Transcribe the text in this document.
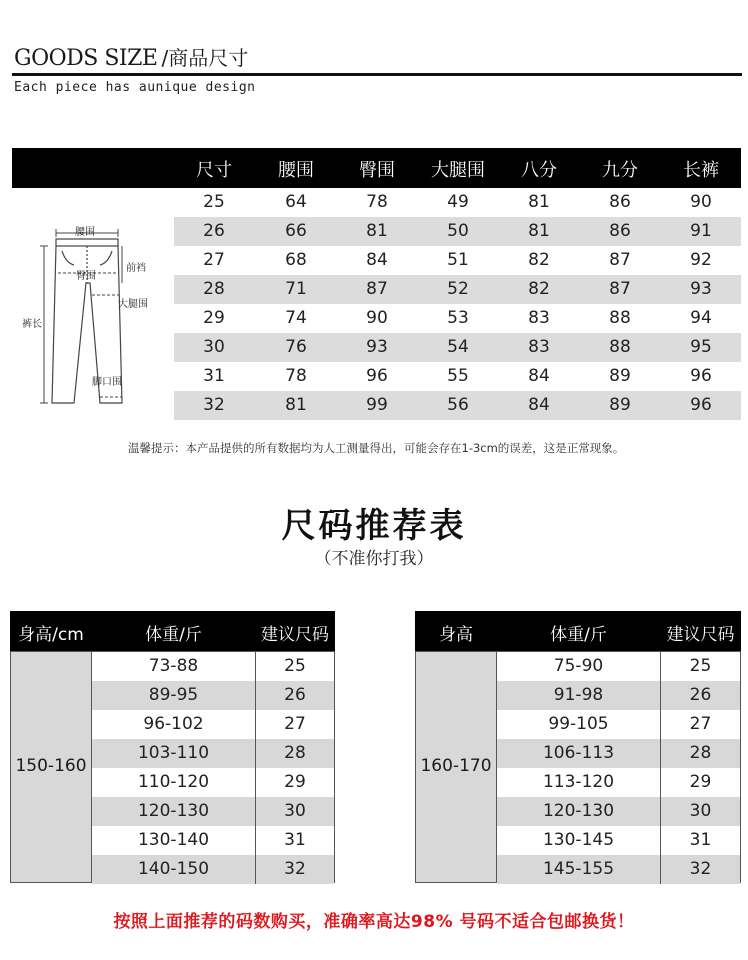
GOODS SIZE /商品尺寸
Each piece has aunique design
尺寸	腰围	臀围	大腿围	八分	九分	长裤
25	64	78	49	81	86	90
26	66	81	50	81	86	91
27	68	84	51	82	87	92
28	71	87	52	82	87	93
29	74	90	53	83	88	94
30	76	93	54	83	88	95
31	78	96	55	84	89	96
32	81	99	56	84	89	96
腰围
臀围
前裆
大腿围
裤长
脚口围
温馨提示：本产品提供的所有数据均为人工测量得出，可能会存在1-3cm的误差，这是正常现象。
尺码推荐表
（不准你打我）
身高/cm	体重/斤	建议尺码
150-160
73-88	25
89-95	26
96-102	27
103-110	28
110-120	29
120-130	30
130-140	31
140-150	32
身高	体重/斤	建议尺码
160-170
75-90	25
91-98	26
99-105	27
106-113	28
113-120	29
120-130	30
130-145	31
145-155	32
按照上面推荐的码数购买，准确率高达98% 号码不适合包邮换货！
